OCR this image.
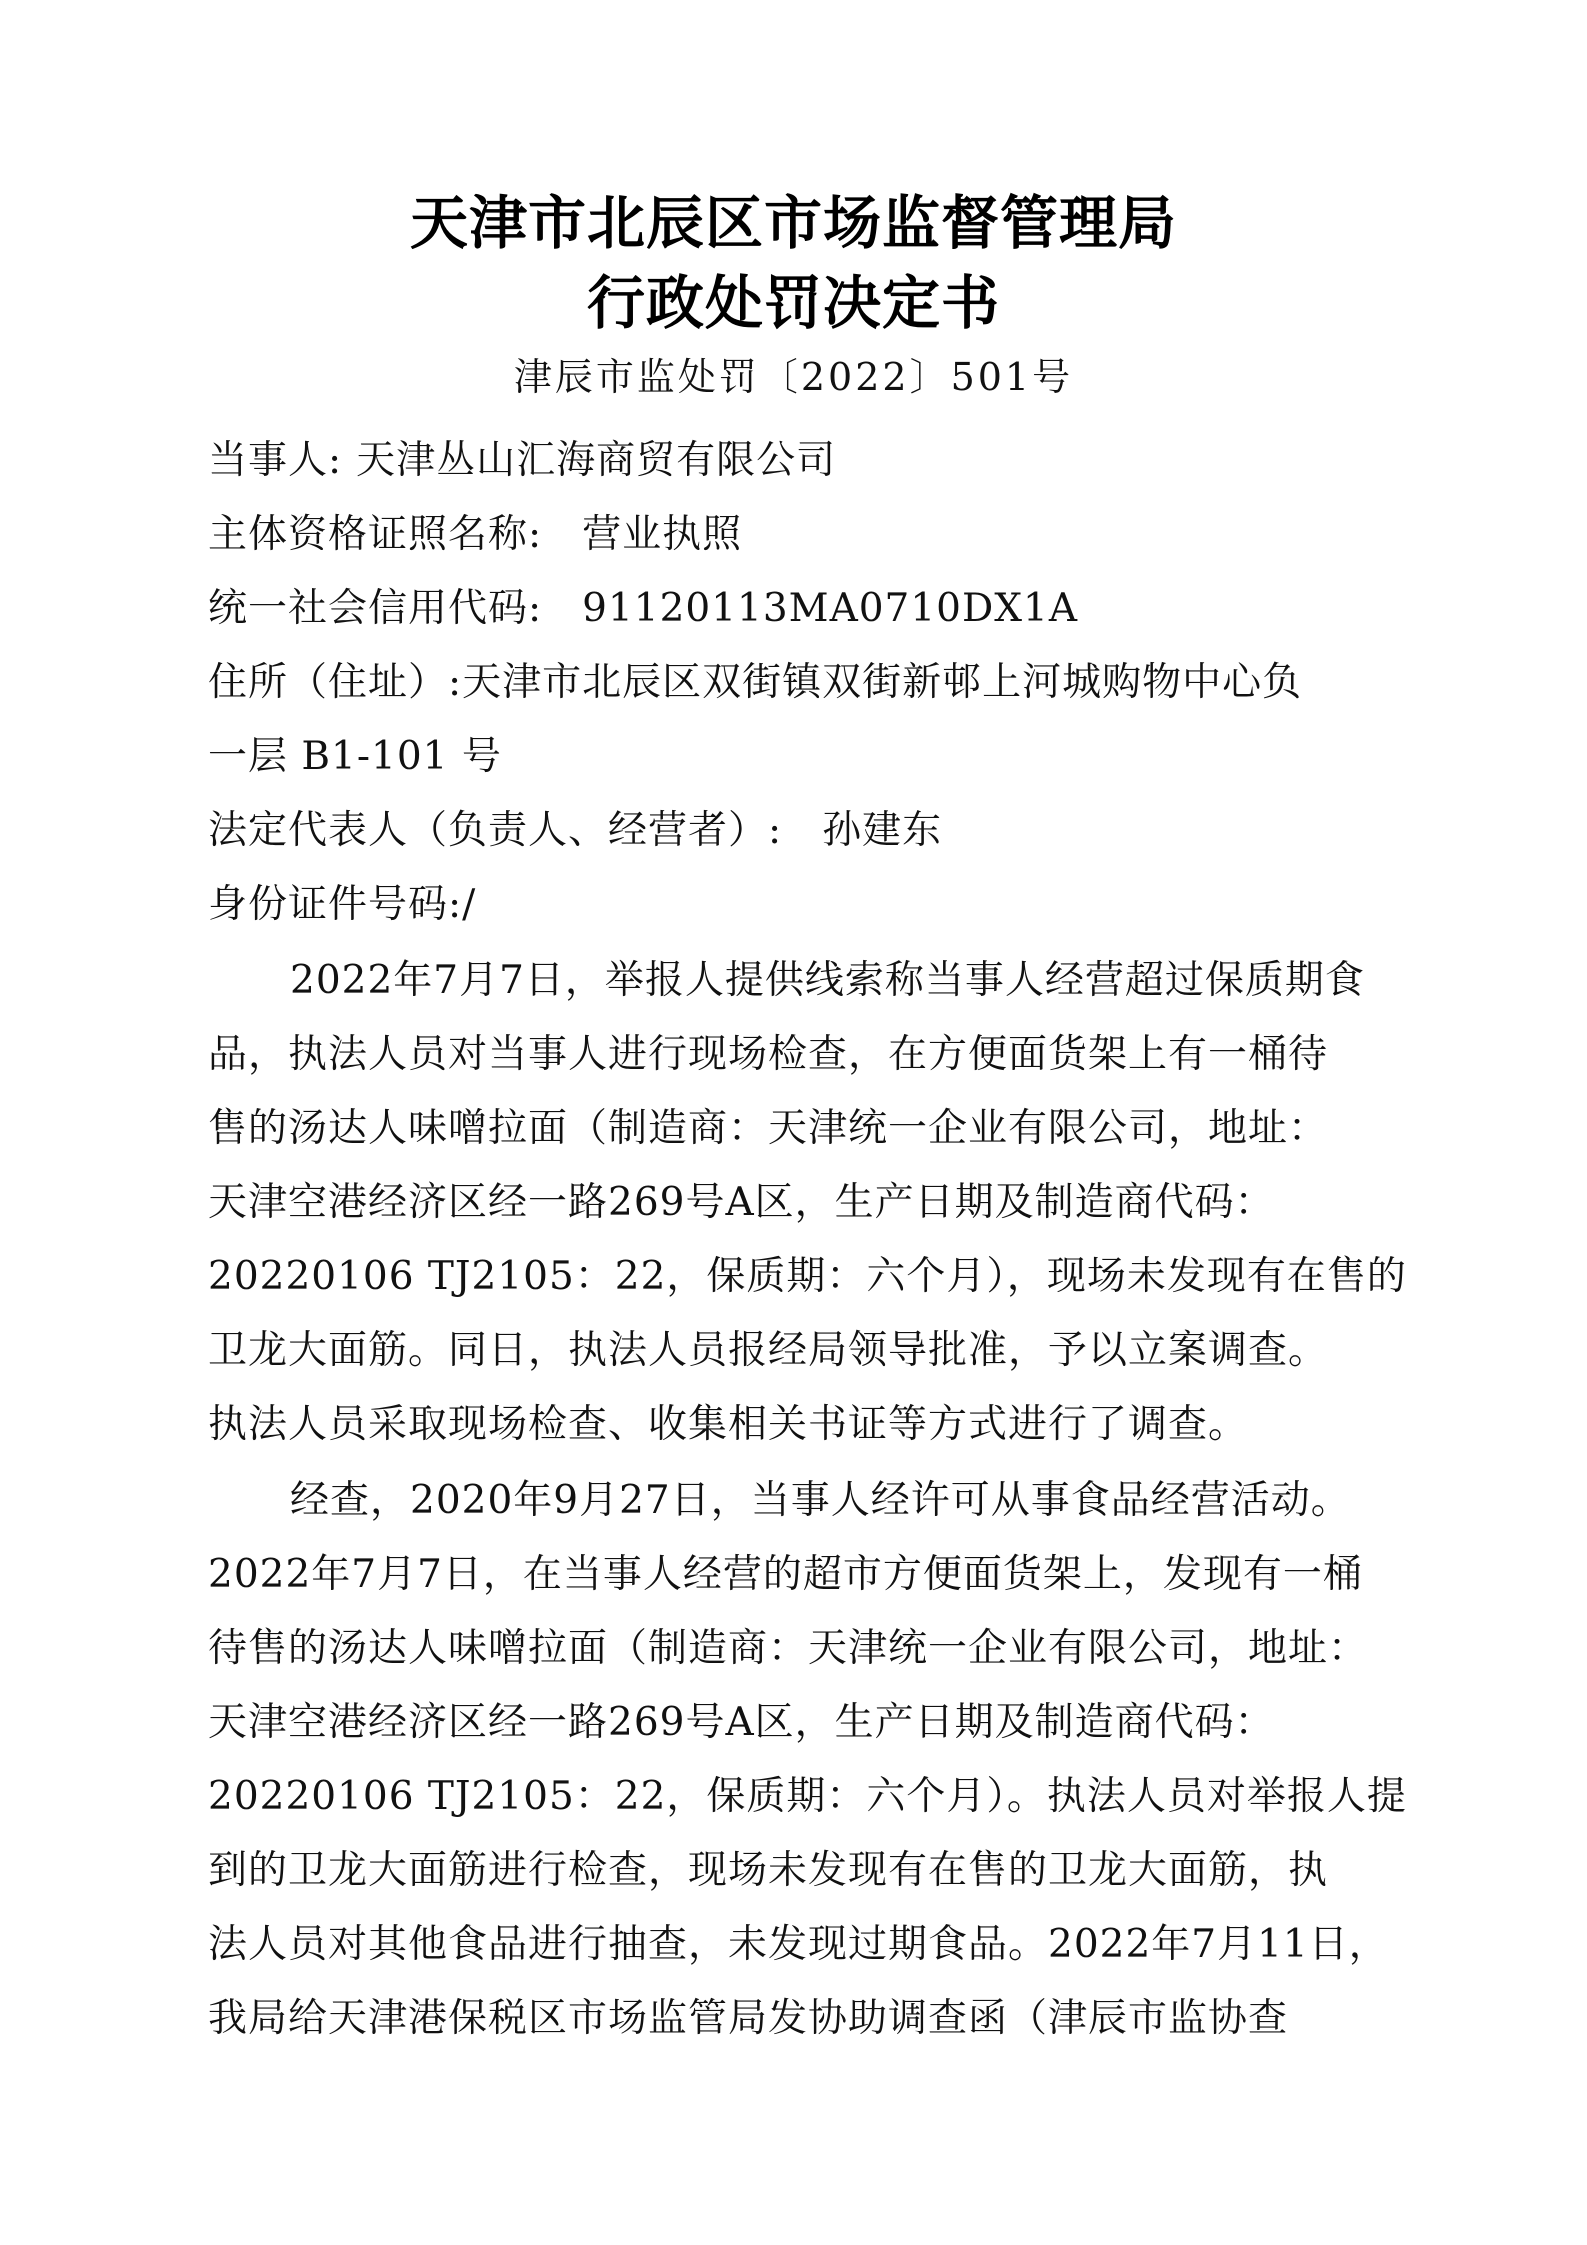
天津市北辰区市场监督管理局
行政处罚决定书
津辰市监处罚〔2022〕501号
当事人: 天津丛山汇海商贸有限公司
主体资格证照名称: 营业执照
统一社会信用代码: 91120113MA0710DX1A
住所（住址）:天津市北辰区双街镇双街新邨上河城购物中心负
一层 B1-101 号
法定代表人（负责人、经营者）: 孙建东
身份证件号码:/
2022年7月7日，举报人提供线索称当事人经营超过保质期食
品，执法人员对当事人进行现场检查，在方便面货架上有一桶待
售的汤达人味噌拉面（制造商：天津统一企业有限公司，地址：
天津空港经济区经一路269号A区，生产日期及制造商代码：
20220106 TJ2105：22，保质期：六个月），现场未发现有在售的
卫龙大面筋。同日，执法人员报经局领导批准，予以立案调查。
执法人员采取现场检查、收集相关书证等方式进行了调查。
经查，2020年9月27日，当事人经许可从事食品经营活动。
2022年7月7日，在当事人经营的超市方便面货架上，发现有一桶
待售的汤达人味噌拉面（制造商：天津统一企业有限公司，地址：
天津空港经济区经一路269号A区，生产日期及制造商代码：
20220106 TJ2105：22，保质期：六个月）。执法人员对举报人提
到的卫龙大面筋进行检查，现场未发现有在售的卫龙大面筋，执
法人员对其他食品进行抽查，未发现过期食品。2022年7月11日，
我局给天津港保税区市场监管局发协助调查函（津辰市监协查
